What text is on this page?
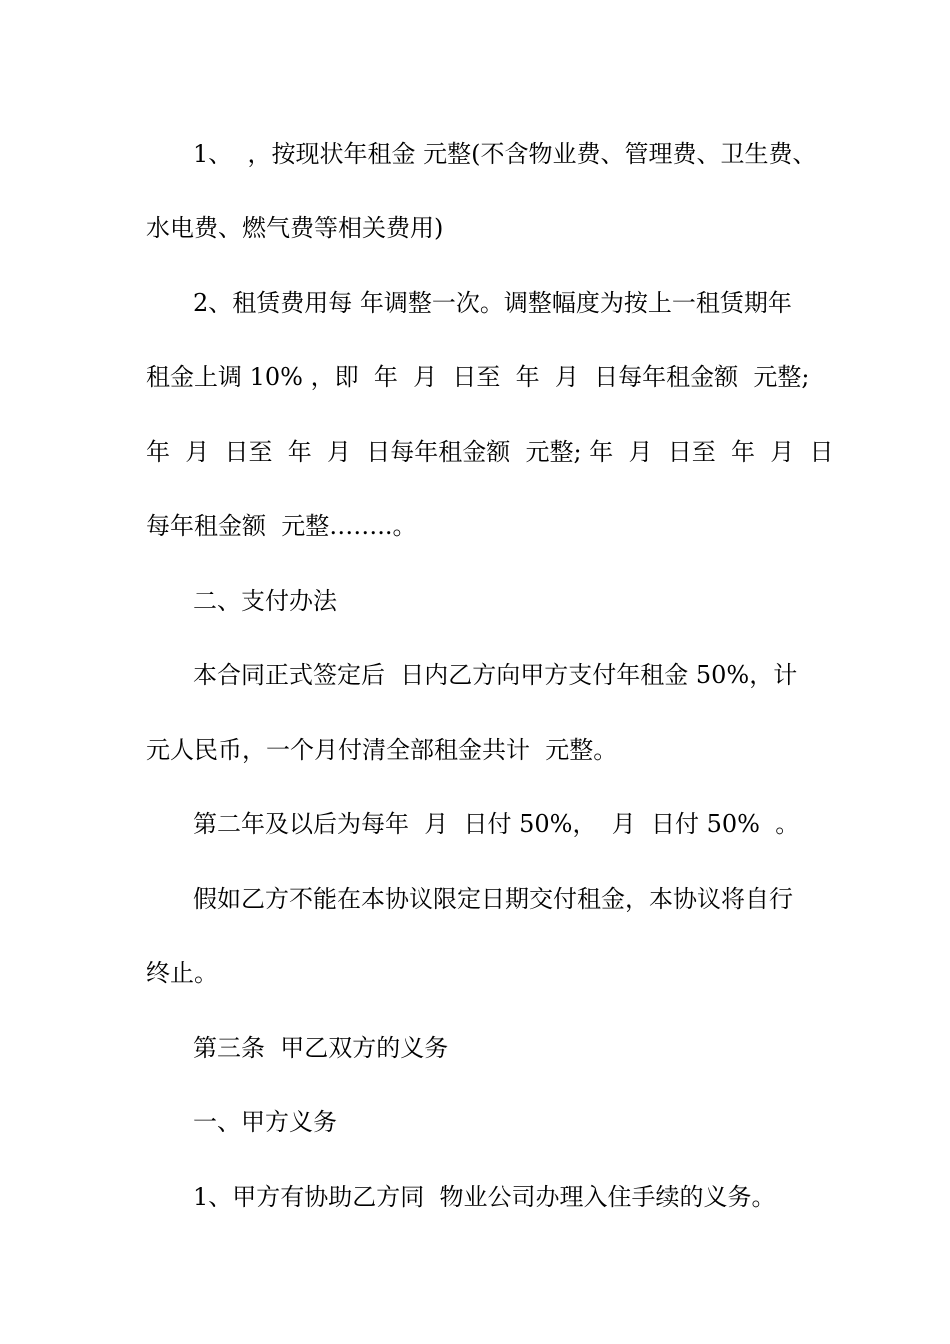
1、  ，按现状年租金 元整(不含物业费、管理费、卫生费、
水电费、燃气费等相关费用)
2、租赁费用每 年调整一次。调整幅度为按上一租赁期年
租金上调 10% ，即  年  月  日至  年  月  日每年租金额  元整;
年  月  日至  年  月  日每年租金额  元整; 年  月  日至  年  月  日
每年租金额  元整……..。
二、支付办法
本合同正式签定后  日内乙方向甲方支付年租金 50%，计
元人民币，一个月付清全部租金共计  元整。
第二年及以后为每年  月  日付 50%，  月  日付 50%  。
假如乙方不能在本协议限定日期交付租金，本协议将自行
终止。
第三条  甲乙双方的义务
一、甲方义务
1、甲方有协助乙方同  物业公司办理入住手续的义务。
